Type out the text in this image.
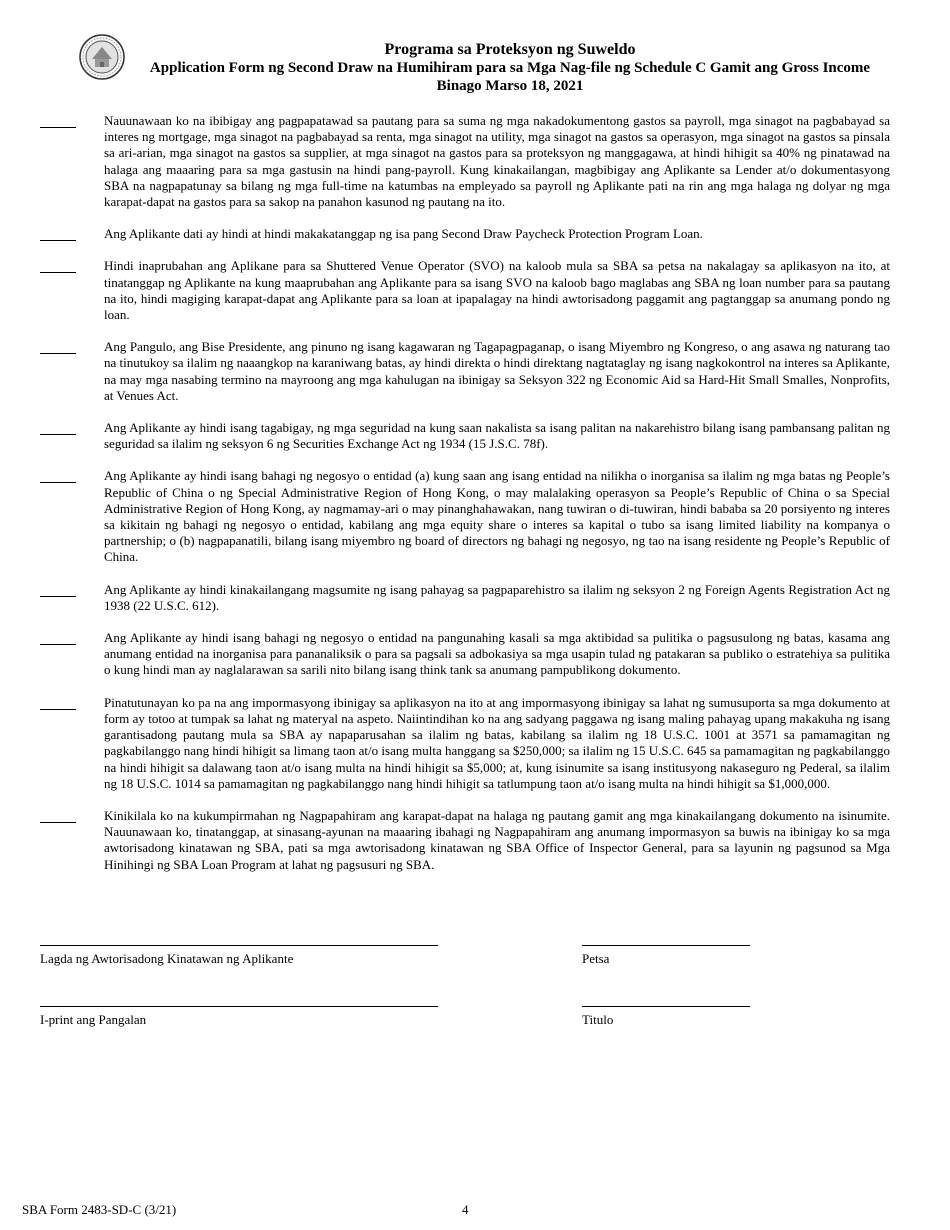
Programa sa Proteksyon ng Suweldo
Application Form ng Second Draw na Humihiram para sa Mga Nag-file ng Schedule C Gamit ang Gross Income
Binago Marso 18, 2021
Nauunawaan ko na ibibigay ang pagpapatawad sa pautang para sa suma ng mga nakadokumentong gastos sa payroll, mga sinagot na pagbabayad sa interes ng mortgage, mga sinagot na pagbabayad sa renta, mga sinagot na utility, mga sinagot na gastos sa operasyon, mga sinagot na gastos sa pinsala sa ari-arian, mga sinagot na gastos sa supplier, at mga sinagot na gastos para sa proteksyon ng manggagawa, at hindi hihigit sa 40% ng pinatawad na halaga ang maaaring para sa mga gastusin na hindi pang-payroll. Kung kinakailangan, magbibigay ang Aplikante sa Lender at/o dokumentasyong SBA na nagpapatunay sa bilang ng mga full-time na katumbas na empleyado sa payroll ng Aplikante pati na rin ang mga halaga ng dolyar ng mga karapat-dapat na gastos para sa sakop na panahon kasunod ng pautang na ito.
Ang Aplikante dati ay hindi at hindi makakatanggap ng isa pang Second Draw Paycheck Protection Program Loan.
Hindi inaprubahan ang Aplikane para sa Shuttered Venue Operator (SVO) na kaloob mula sa SBA sa petsa na nakalagay sa aplikasyon na ito, at tinatanggap ng Aplikante na kung maaprubahan ang Aplikante para sa isang SVO na kaloob bago maglabas ang SBA ng loan number para sa pautang na ito, hindi magiging karapat-dapat ang Aplikante para sa loan at ipapalagay na hindi awtorisadong paggamit ang pagtanggap sa anumang pondo ng loan.
Ang Pangulo, ang Bise Presidente, ang pinuno ng isang kagawaran ng Tagapagpaganap, o isang Miyembro ng Kongreso, o ang asawa ng naturang tao na tinutukoy sa ilalim ng naaangkop na karaniwang batas, ay hindi direkta o hindi direktang nagtataglay ng isang nagkokontrol na interes sa Aplikante, na may mga nasabing termino na mayroong ang mga kahulugan na ibinigay sa Seksyon 322 ng Economic Aid sa Hard-Hit Small Smalles, Nonprofits, at Venues Act.
Ang Aplikante ay hindi isang tagabigay, ng mga seguridad na kung saan nakalista sa isang palitan na nakarehistro bilang isang pambansang palitan ng seguridad sa ilalim ng seksyon 6 ng Securities Exchange Act ng 1934 (15 J.S.C. 78f).
Ang Aplikante ay hindi isang bahagi ng negosyo o entidad (a) kung saan ang isang entidad na nilikha o inorganisa sa ilalim ng mga batas ng People’s Republic of China o ng Special Administrative Region of Hong Kong, o may malalaking operasyon sa People’s Republic of China o sa Special Administrative Region of Hong Kong, ay nagmamay-ari o may pinanghahawakan, nang tuwiran o di-tuwiran, hindi bababa sa 20 porsiyento ng interes sa kikitain ng bahagi ng negosyo o entidad, kabilang ang mga equity share o interes sa kapital o tubo sa isang limited liability na kompanya o partnership; o (b) nagpapanatili, bilang isang miyembro ng board of directors ng bahagi ng negosyo, ng tao na isang residente ng People’s Republic of China.
Ang Aplikante ay hindi kinakailangang magsumite ng isang pahayag sa pagpaparehistro sa ilalim ng seksyon 2 ng Foreign Agents Registration Act ng 1938 (22 U.S.C. 612).
Ang Aplikante ay hindi isang bahagi ng negosyo o entidad na pangunahing kasali sa mga aktibidad sa pulitika o pagsusulong ng batas, kasama ang anumang entidad na inorganisa para pananaliksik o para sa pagsali sa adbokasiya sa mga usapin tulad ng patakaran sa publiko o estratehiya sa pulitika o kung hindi man ay naglalarawan sa sarili nito bilang isang think tank sa anumang pampublikong dokumento.
Pinatutunayan ko pa na ang impormasyong ibinigay sa aplikasyon na ito at ang impormasyong ibinigay sa lahat ng sumusuporta sa mga dokumento at form ay totoo at tumpak sa lahat ng materyal na aspeto. Naiintindihan ko na ang sadyang paggawa ng isang maling pahayag upang makakuha ng isang garantisadong pautang mula sa SBA ay napaparusahan sa ilalim ng batas, kabilang sa ilalim ng 18 U.S.C. 1001 at 3571 sa pamamagitan ng pagkabilanggo nang hindi hihigit sa limang taon at/o isang multa hanggang sa $250,000; sa ilalim ng 15 U.S.C. 645 sa pamamagitan ng pagkabilanggo na hindi hihigit sa dalawang taon at/o isang multa na hindi hihigit sa $5,000; at, kung isinumite sa isang institusyong nakaseguro ng Pederal, sa ilalim ng 18 U.S.C. 1014 sa pamamagitan ng pagkabilanggo nang hindi hihigit sa tatlumpung taon at/o isang multa na hindi hihigit sa $1,000,000.
Kinikilala ko na kukumpirmahan ng Nagpapahiram ang karapat-dapat na halaga ng pautang gamit ang mga kinakailangang dokumento na isinumite. Nauunawaan ko, tinatanggap, at sinasang-ayunan na maaaring ibahagi ng Nagpapahiram ang anumang impormasyon sa buwis na ibinigay ko sa mga awtorisadong kinatawan ng SBA, pati sa mga awtorisadong kinatawan ng SBA Office of Inspector General, para sa layunin ng pagsunod sa Mga Hinihingi ng SBA Loan Program at lahat ng pagsusuri ng SBA.
Lagda ng Awtorisadong Kinatawan ng Aplikante	Petsa
I-print ang Pangalan	Titulo
SBA Form 2483-SD-C (3/21)	4
